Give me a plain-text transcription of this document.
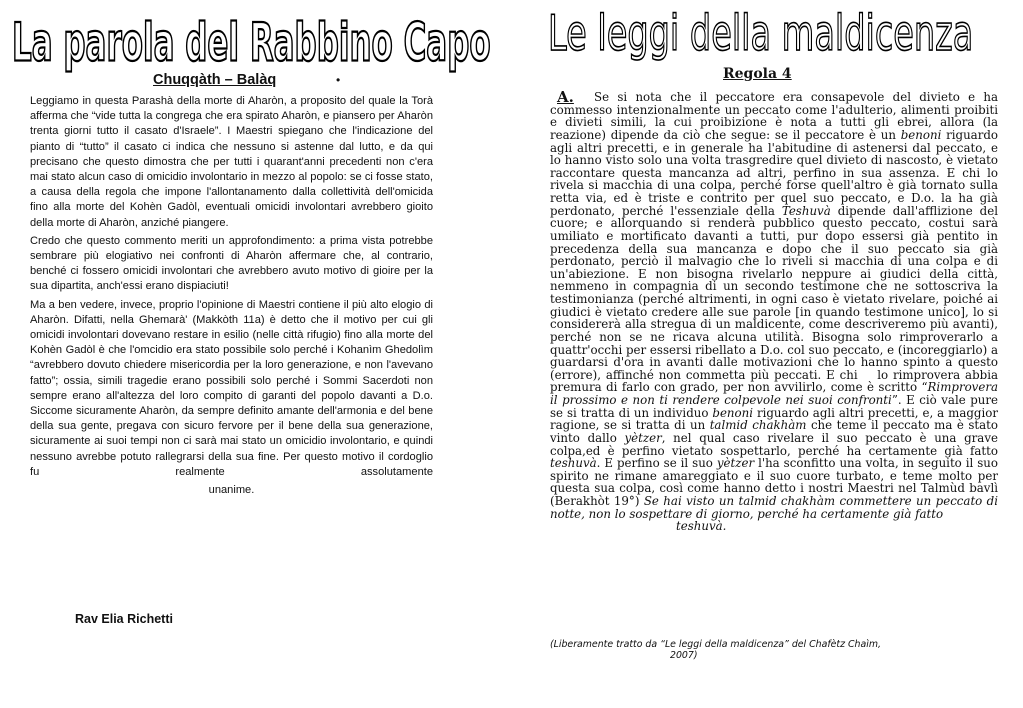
La parola del Rabbino Capo
Chuqqàth – Balàq	•

Leggiamo in questa Parashà della morte di Aharòn, a proposito del quale la Torà afferma che “vide tutta la congrega che era spirato Aharòn, e piansero per Aharòn trenta giorni tutto il casato d'Israele”. I Maestri spiegano che l'indicazione del pianto di “tutto” il casato ci indica che nessuno si astenne dal lutto, e da qui precisano che questo dimostra che per tutti i quarant'anni precedenti non c'era mai stato alcun caso di omicidio involontario in mezzo al popolo: se ci fosse stato, a causa della regola che impone l'allontanamento dalla collettività dell'omicida fino alla morte del Kohèn Gadòl, eventuali omicidi involontari avrebbero gioito della morte di Aharòn, anziché piangere.

Credo che questo commento meriti un approfondimento: a prima vista potrebbe sembrare più elogiativo nei confronti di Aharòn affermare che, al contrario, benché ci fossero omicidi involontari che avrebbero avuto motivo di gioire per la sua dipartita, anch'essi erano dispiaciuti!

Ma a ben vedere, invece, proprio l'opinione di Maestri contiene il più alto elogio di Aharòn. Difatti, nella Ghemarà' (Makkòth 11a) è detto che il motivo per cui gli omicidi involontari dovevano restare in esilio (nelle città rifugio) fino alla morte del Kohèn Gadòl è che l'omcidio era stato possibile solo perché i Kohanìm Ghedolìm “avrebbero dovuto chiedere misericordia per la loro generazione, e non l'avevano fatto”; ossia, simili tragedie erano possibili solo perché i Sommi Sacerdoti non sempre erano all'altezza del loro compito di garanti del popolo davanti a D.o. Siccome sicuramente Aharòn, da sempre definito amante dell'armonia e del bene della sua gente, pregava con sicuro fervore per il bene della sua generazione, sicuramente ai suoi tempi non ci sarà mai stato un omicidio involontario, e quindi nessuno avrebbe potuto rallegrarsi della sua fine. Per questo motivo il cordoglio fu realmente assolutamente

unanime.

Rav Elia Richetti

Le leggi della maldicenza
Regola 4
A.	Se si nota che il peccatore era consapevole del divieto e ha commesso intenzionalmente un peccato come l'adulterio, alimenti proibiti e divieti simili, la cui proibizione è nota a tutti gli ebrei, allora (la reazione) dipende da ciò che segue: se il peccatore è un benoni riguardo agli altri precetti, e in generale ha l'abitudine di astenersi dal peccato, e lo hanno visto solo una volta trasgredire quel divieto di nascosto, è vietato raccontare questa mancanza ad altri, perfino in sua assenza. E chi lo rivela si macchia di una colpa, perché forse quell'altro è già tornato sulla retta via, ed è triste e contrito per quel suo peccato, e D.o. la ha già perdonato, perché l'essenziale della Teshuvà dipende dall'afflizione del cuore; e allorquando si renderà pubblico questo peccato, costui sarà umiliato e mortificato davanti a tutti, pur dopo essersi già pentito in precedenza della sua mancanza e dopo che il suo peccato sia già perdonato, perciò il malvagio che lo riveli si macchia di una colpa e di un'abiezione. E non bisogna rivelarlo neppure ai giudici della città, nemmeno in compagnia di un secondo testimone che ne sottoscriva la testimonianza (perché altrimenti, in ogni caso è vietato rivelare, poiché ai giudici è vietato credere alle sue parole [in quando testimone unico], lo si considererà alla stregua di un maldicente, come descriveremo più avanti), perché non se ne ricava alcuna utilità. Bisogna solo rimproverarlo a quattr'occhi per essersi ribellato a D.o. col suo peccato, e (incoreggiarlo) a guardarsi d'ora in avanti dalle motivazioni che lo hanno spinto a questo (errore), affinché non commetta più peccati. E chi lo rimprovera abbia premura di farlo con grado, per non avvilirlo, come è scritto “Rimprovera il prossimo e non ti rendere colpevole nei suoi confronti”. E ciò vale pure se si tratta di un individuo benoni riguardo agli altri precetti, e, a maggior ragione, se si tratta di un talmid chakhàm che teme il peccato ma è stato vinto dallo yètzer, nel qual caso rivelare il suo peccato è una grave colpa,ed è perfino vietato sospettarlo, perché ha certamente già fatto teshuvà. E perfino se il suo yètzer l'ha sconfitto una volta, in seguito il suo spirito ne rimane amareggiato e il suo cuore turbato, e teme molto per questa sua colpa, così come hanno detto i nostri Maestri nel Talmùd bavlì (Berakhòt 19°) Se hai visto un talmid chakhàm commettere un peccato di notte, non lo sospettare di giorno, perché ha certamente già fatto
teshuvà.

(Liberamente tratto da “Le leggi della maldicenza” del Chafètz Chaìm,
2007)
